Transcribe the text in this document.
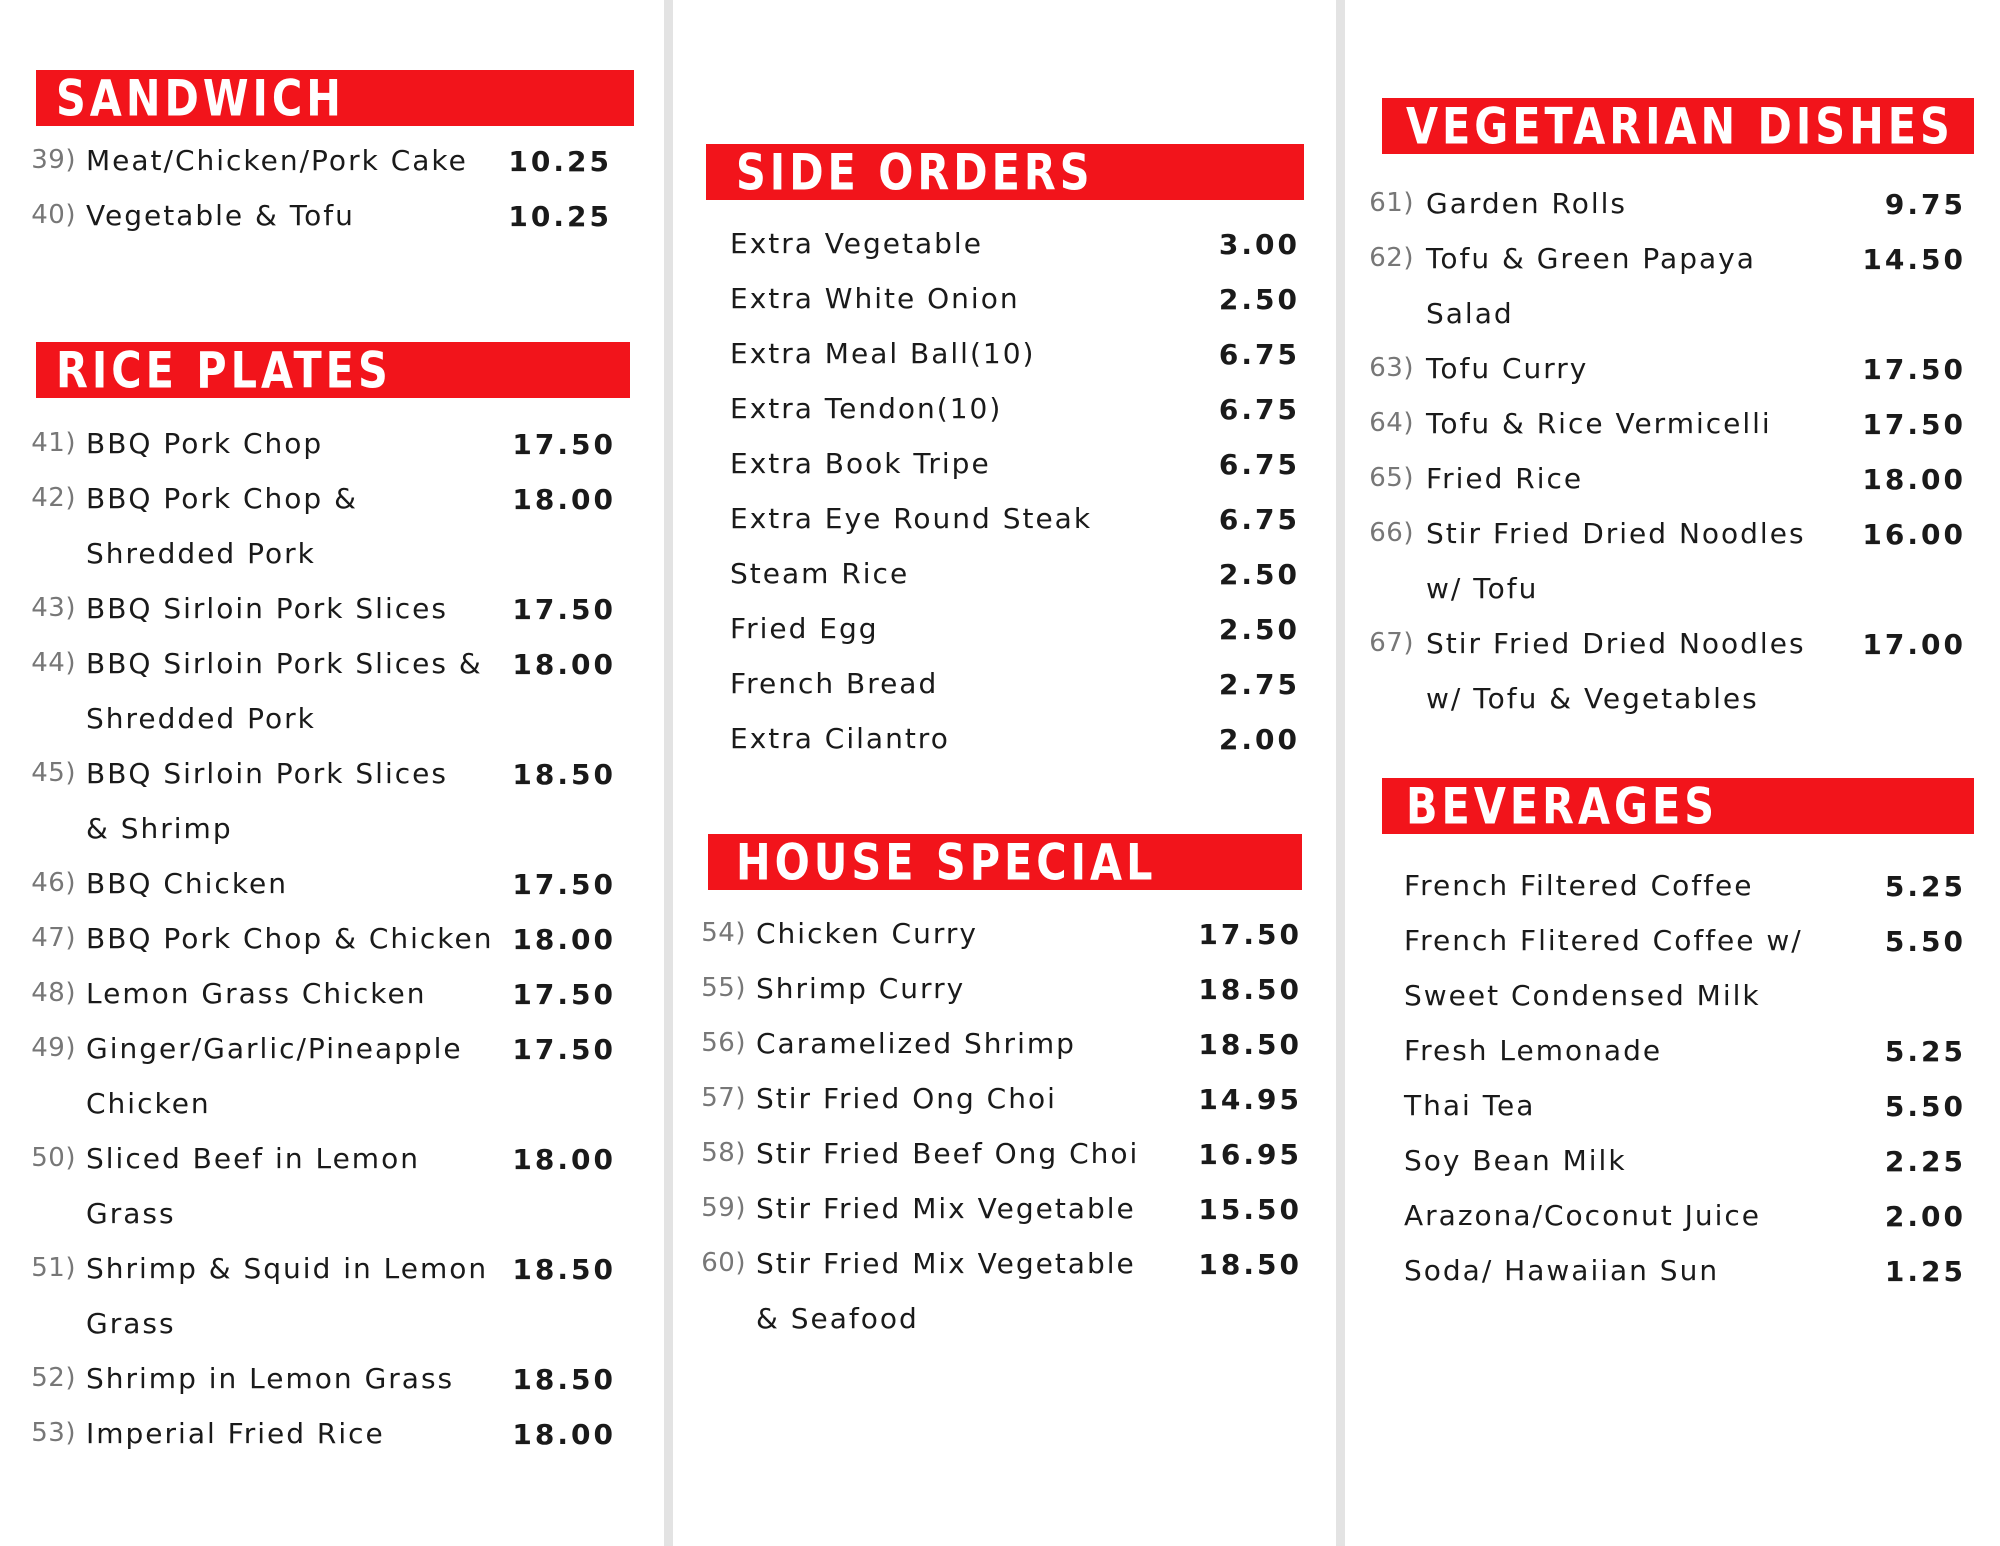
SANDWICH
39) Meat/Chicken/Pork Cake 10.25
40) Vegetable & Tofu	10.25
RICE PLATES
41) BBQ Pork Chop	17.50
42) BBQ Pork Chop &
Shredded Pork
18.00
43) BBQ Sirloin Pork Slices 17.50
44) BBQ Sirloin Pork Slices &
Shredded Pork
18.00
45) BBQ Sirloin Pork Slices
& Shrimp
18.50
46) BBQ Chicken	17.50
47) BBQ Pork Chop & Chicken 18.00
48) Lemon Grass Chicken	17.50
49) Ginger/Garlic/Pineapple
Chicken
17.50
50) Sliced Beef in Lemon
Grass
18.00
51) Shrimp & Squid in Lemon
Grass
18.50
52) Shrimp in Lemon Grass 18.50
53) Imperial Fried Rice	18.00
SIDE ORDERS
Extra Vegetable	3.00
Extra White Onion	2.50
Extra Meal Ball(10)	6.75
Extra Tendon(10)	6.75
Extra Book Tripe	6.75
Extra Eye Round Steak	6.75
Steam Rice	2.50
Fried Egg	2.50
French Bread	2.75
Extra Cilantro	2.00
HOUSE SPECIAL
54) Chicken Curry	17.50
55) Shrimp Curry	18.50
56) Caramelized Shrimp	18.50
57) Stir Fried Ong Choi	14.95
58) Stir Fried Beef Ong Choi 16.95
59) Stir Fried Mix Vegetable 15.50
60) Stir Fried Mix Vegetable
& Seafood
18.50
VEGETARIAN DISHES
61) Garden Rolls	9.75
62) Tofu & Green Papaya
Salad
14.50
63) Tofu Curry	17.50
64) Tofu & Rice Vermicelli	17.50
65) Fried Rice	18.00
66) Stir Fried Dried Noodles
w/ Tofu
16.00
67) Stir Fried Dried Noodles
w/ Tofu & Vegetables
17.00
BEVERAGES
French Filtered Coffee	5.25
French Flitered Coffee w/
Sweet Condensed Milk
5.50
Fresh Lemonade	5.25
Thai Tea	5.50
Soy Bean Milk	2.25
Arazona/Coconut Juice	2.00
Soda/ Hawaiian Sun	1.25
